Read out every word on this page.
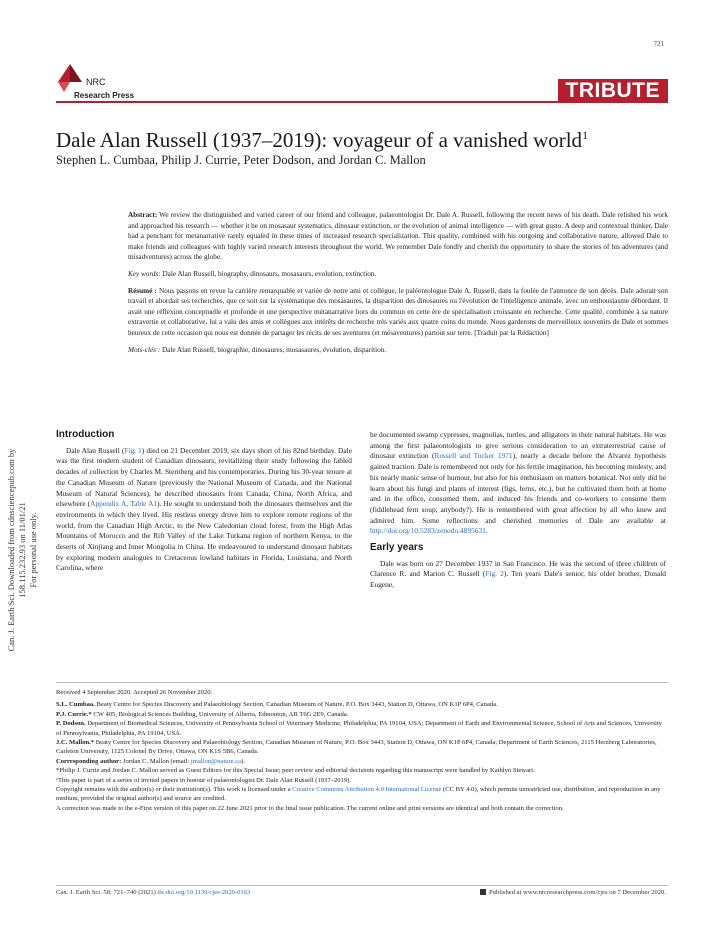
721
NRC
Research Press	TRIBUTE
Dale Alan Russell (1937–2019): voyageur of a vanished world$^1$
Stephen L. Cumbaa, Philip J. Currie, Peter Dodson, and Jordan C. Mallon
Can. J. Earth Sci. Downloaded from cdnsciencepub.com by 158.115.232.93 on 11/01/21 For personal use only.

Abstract: We review the distinguished and varied career of our friend and colleague, palaeontologist Dr. Dale A. Russell, following the recent news of his death. Dale relished his work and approached his research — whether it be on mosasaur systematics, dinosaur extinction, or the evolution of animal intelligence — with great gusto. A deep and contextual thinker, Dale had a penchant for metanarrative rarely equaled in these times of increased research specialization. This quality, combined with his outgoing and collaborative nature, allowed Dale to make friends and colleagues with highly varied research interests throughout the world. We remember Dale fondly and cherish the opportunity to share the stories of his adventures (and misadventures) across the globe.

Key words: Dale Alan Russell, biography, dinosaurs, mosasaurs, evolution, extinction.

Résumé : Nous passons en revue la carrière remarquable et variée de notre ami et collègue, le paléontologue Dale A. Russell, dans la foulée de l'annonce de son décès. Dale adorait son travail et abordait ses recherches, que ce soit sur la systématique des mosasaures, la disparition des dinosaures ou l'évolution de l'intelligence animale, avec un enthousiasme débordant. Il avait une réflexion conceptuelle et profonde et une perspective métanarrative hors du commun en cette ère de spécialisation croissante en recherche. Cette qualité, combinée à sa nature extravertie et collaborative, lui a valu des amis et collègues aux intérêts de recherche très variés aux quatre coins du monde. Nous garderons de merveilleux souvenirs de Dale et sommes heureux de cette occasion qui nous est donnée de partager les récits de ses aventures (et mésaventures) partout sur terre. [Traduit par la Rédaction]

Mots-clés : Dale Alan Russell, biographie, dinosaures, mosasaures, évolution, disparition.

Introduction

Dale Alan Russell (Fig. 1) died on 21 December 2019, six days short of his 82nd birthday. Dale was the first modern student of Canadian dinosaurs, revitalizing their study following the fabled decades of collection by Charles M. Sternberg and his contemporaries. During his 30-year tenure at the Canadian Museum of Nature (previously the National Museum of Canada, and the National Museum of Natural Sciences), he described dinosaurs from Canada, China, North Africa, and elsewhere (Appendix A, Table A1). He sought to understand both the dinosaurs themselves and the environments in which they lived. His restless energy drove him to explore remote regions of the world, from the Canadian High Arctic, to the New Caledonian cloud forest, from the High Atlas Mountains of Morocco and the Rift Valley of the Lake Turkana region of northern Kenya, to the deserts of Xinjiang and Inner Mongolia in China. He endeavoured to understand dinosaur habitats by exploring modern analogues to Cretaceous lowland habitats in Florida, Louisiana, and North Carolina, where

he documented swamp cypresses, magnolias, turtles, and alligators in their natural habitats. He was among the first palaeontologists to give serious consideration to an extraterrestrial cause of dinosaur extinction (Russell and Tucker 1971), nearly a decade before the Alvarez hypothesis gained traction. Dale is remembered not only for his fertile imagination, his becoming modesty, and his nearly manic sense of humour, but also for his enthusiasm on matters botanical. Not only did he learn about his fungi and plants of interest (figs, ferns, etc.), but he cultivated them both at home and in the office, consumed them, and induced his friends and co-workers to consume them (fiddlehead fern soup, anybody?). He is remembered with great affection by all who knew and admired him. Some reflections and cherished memories of Dale are available at http://doi.org/10.5283/zenodo.4895631.

Early years

Dale was born on 27 December 1937 in San Francisco. He was the second of three children of Clarence R. and Marion C. Russell (Fig. 2). Ten years Dale's senior, his older brother, Donald Eugene,

Received 4 September 2020. Accepted 26 November 2020.
S.L. Cumbaa. Beaty Centre for Species Discovery and Palaeobiology Section, Canadian Museum of Nature, P.O. Box 3443, Station D, Ottawa, ON K1P 6P4, Canada.
P.J. Currie.* CW 405, Biological Sciences Building, University of Alberta, Edmonton, AB T6G 2E9, Canada.
P. Dodson. Department of Biomedical Sciences, University of Pennsylvania School of Veterinary Medicine, Philadelphia, PA 19104, USA; Department of Earth and Environmental Science, School of Arts and Sciences, University of Pennsylvania, Philadelphia, PA 19104, USA.
J.C. Mallon.* Beaty Centre for Species Discovery and Palaeobiology Section, Canadian Museum of Nature, P.O. Box 3443, Station D, Ottawa, ON K1P 6P4, Canada; Department of Earth Sciences, 2115 Herzberg Laboratories, Carleton University, 1125 Colonel By Drive, Ottawa, ON K1S 5B6, Canada.
Corresponding author: Jordan C. Mallon (email: jmallon@nature.ca).
*Philip J. Currie and Jordan C. Mallon served as Guest Editors for this Special Issue; peer review and editorial decisions regarding this manuscript were handled by Kathlyn Stewart.
¹This paper is part of a series of invited papers in honour of palaeontologist Dr. Dale Alan Russell (1937–2019).
Copyright remains with the author(s) or their institution(s). This work is licensed under a Creative Commons Attribution 4.0 International License (CC BY 4.0), which permits unrestricted use, distribution, and reproduction in any medium, provided the original author(s) and source are credited.
A correction was made to the e-First version of this paper on 22 June 2021 prior to the final issue publication. The current online and print versions are identical and both contain the correction.
Can. J. Earth Sci. 58: 721–740 (2021) dx.doi.org/10.1139/cjes-2020-0163	Published at www.nrcresearchpress.com/cjes on 7 December 2020.
